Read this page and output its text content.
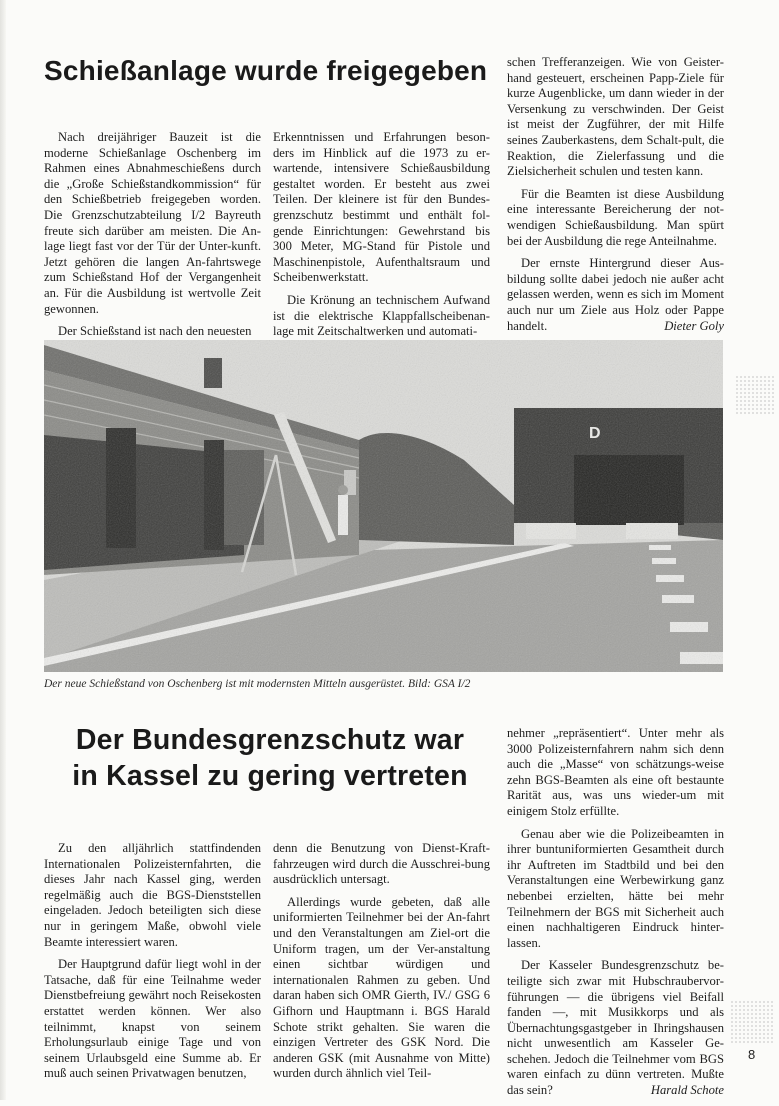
Schießanlage wurde freigegeben

Nach dreijähriger Bauzeit ist die moderne Schießanlage Oschenberg im Rahmen eines Abnahmeschießens durch die „Große Schießstandkommission“ für den Schießbetrieb freigegeben worden. Die Grenzschutzabteilung I/2 Bayreuth freute sich darüber am meisten. Die An-lage liegt fast vor der Tür der Unter-kunft. Jetzt gehören die langen An-fahrtswege zum Schießstand Hof der Vergangenheit an. Für die Ausbildung ist wertvolle Zeit gewonnen.

Der Schießstand ist nach den neuesten

Erkenntnissen und Erfahrungen beson-ders im Hinblick auf die 1973 zu er-wartende, intensivere Schießausbildung gestaltet worden. Er besteht aus zwei Teilen. Der kleinere ist für den Bundes-grenzschutz bestimmt und enthält fol-gende Einrichtungen: Gewehrstand bis 300 Meter, MG-Stand für Pistole und Maschinenpistole, Aufenthaltsraum und Scheibenwerkstatt.

Die Krönung an technischem Aufwand ist die elektrische Klappfallscheibenan-lage mit Zeitschaltwerken und automati-

schen Trefferanzeigen. Wie von Geister-hand gesteuert, erscheinen Papp-Ziele für kurze Augenblicke, um dann wieder in der Versenkung zu verschwinden. Der Geist ist meist der Zugführer, der mit Hilfe seines Zauberkastens, dem Schalt-pult, die Reaktion, die Zielerfassung und die Zielsicherheit schulen und testen kann.

Für die Beamten ist diese Ausbildung eine interessante Bereicherung der not-wendigen Schießausbildung. Man spürt bei der Ausbildung die rege Anteilnahme.

Der ernste Hintergrund dieser Aus-bildung sollte dabei jedoch nie außer acht gelassen werden, wenn es sich im Moment auch nur um Ziele aus Holz oder Pappe handelt.	Dieter Goly

Der neue Schießstand von Oschenberg ist mit modernsten Mitteln ausgerüstet. Bild: GSA I/2
Der Bundesgrenzschutz war
in Kassel zu gering vertreten

Zu den alljährlich stattfindenden Internationalen Polizeisternfahrten, die dieses Jahr nach Kassel ging, werden regelmäßig auch die BGS-Dienststellen eingeladen. Jedoch beteiligten sich diese nur in geringem Maße, obwohl viele Beamte interessiert waren.

Der Hauptgrund dafür liegt wohl in der Tatsache, daß für eine Teilnahme weder Dienstbefreiung gewährt noch Reisekosten erstattet werden können. Wer also teilnimmt, knapst von seinem Erholungsurlaub einige Tage und von seinem Urlaubsgeld eine Summe ab. Er muß auch seinen Privatwagen benutzen,

denn die Benutzung von Dienst-Kraft-fahrzeugen wird durch die Ausschrei-bung ausdrücklich untersagt.

Allerdings wurde gebeten, daß alle uniformierten Teilnehmer bei der An-fahrt und den Veranstaltungen am Ziel-ort die Uniform tragen, um der Ver-anstaltung einen sichtbar würdigen und internationalen Rahmen zu geben. Und daran haben sich OMR Gierth, IV./ GSG 6 Gifhorn und Hauptmann i. BGS Harald Schote strikt gehalten. Sie waren die einzigen Vertreter des GSK Nord. Die anderen GSK (mit Ausnahme von Mitte) wurden durch ähnlich viel Teil-

nehmer „repräsentiert“. Unter mehr als 3000 Polizeisternfahrern nahm sich denn auch die „Masse“ von schätzungs-weise zehn BGS-Beamten als eine oft bestaunte Rarität aus, was uns wieder-um mit einigem Stolz erfüllte.

Genau aber wie die Polizeibeamten in ihrer buntuniformierten Gesamtheit durch ihr Auftreten im Stadtbild und bei den Veranstaltungen eine Werbewirkung ganz nebenbei erzielten, hätte bei mehr Teilnehmern der BGS mit Sicherheit auch einen nachhaltigeren Eindruck hinter-lassen.

Der Kasseler Bundesgrenzschutz be-teiligte sich zwar mit Hubschraubervor-führungen — die übrigens viel Beifall fanden —, mit Musikkorps und als Übernachtungsgastgeber in Ihringshausen nicht unwesentlich am Kasseler Ge-schehen. Jedoch die Teilnehmer vom BGS waren einfach zu dünn vertreten. Mußte das sein?	Harald Schote

8
